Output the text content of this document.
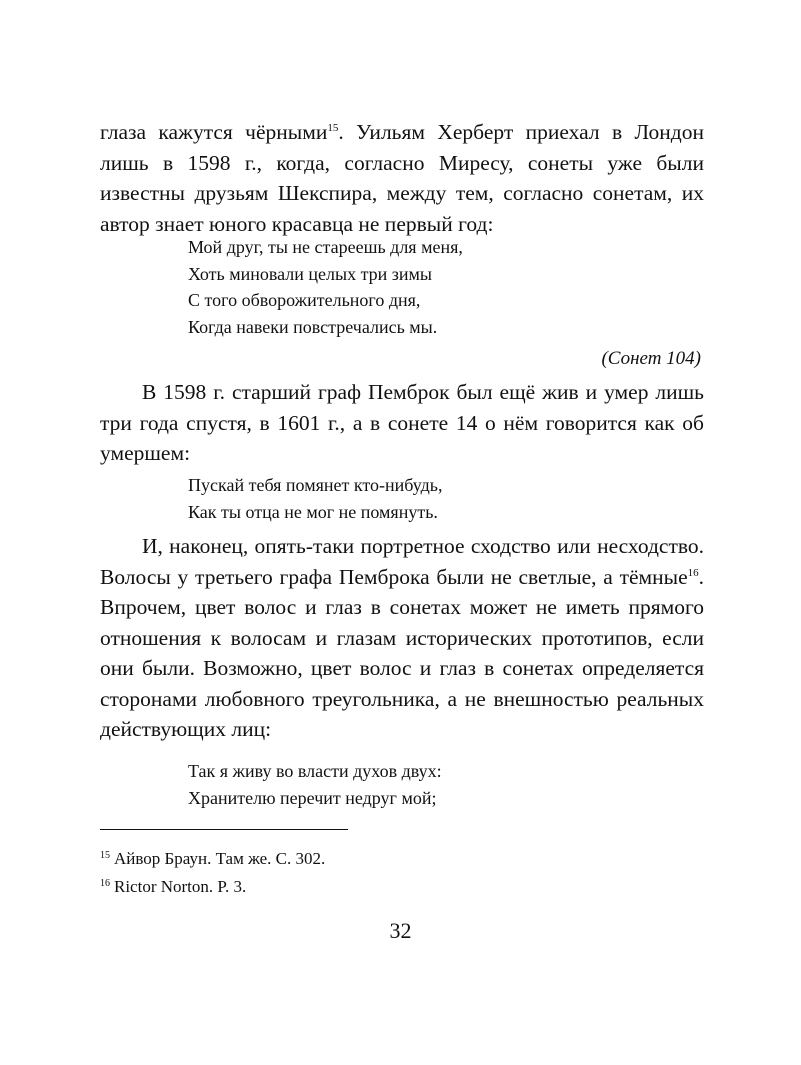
глаза кажутся чёрными$^{15}$. Уильям Херберт приехал в Лондон лишь в 1598 г., когда, согласно Миресу, сонеты уже были известны друзьям Шекспира, между тем, согласно сонетам, их автор знает юного красавца не первый год:

Мой друг, ты не стареешь для меня,
Хоть миновали целых три зимы
С того обворожительного дня,
Когда навеки повстречались мы.
(Сонет 104)

В 1598 г. старший граф Пемброк был ещё жив и умер лишь три года спустя, в 1601 г., а в сонете 14 о нём говорится как об умершем:

Пускай тебя помянет кто-нибудь,
Как ты отца не мог не помянуть.

И, наконец, опять-таки портретное сходство или несходство. Волосы у третьего графа Пемброка были не светлые, а тёмные$^{16}$. Впрочем, цвет волос и глаз в сонетах может не иметь прямого отношения к волосам и глазам исторических прототипов, если они были. Возможно, цвет волос и глаз в сонетах определяется сторонами любовного треугольника, а не внешностью реальных действующих лиц:

Так я живу во власти духов двух:
Хранителю перечит недруг мой;
$^{15}$ Айвор Браун. Там же. С. 302.
$^{16}$ Rictor Norton. P. 3.
32
